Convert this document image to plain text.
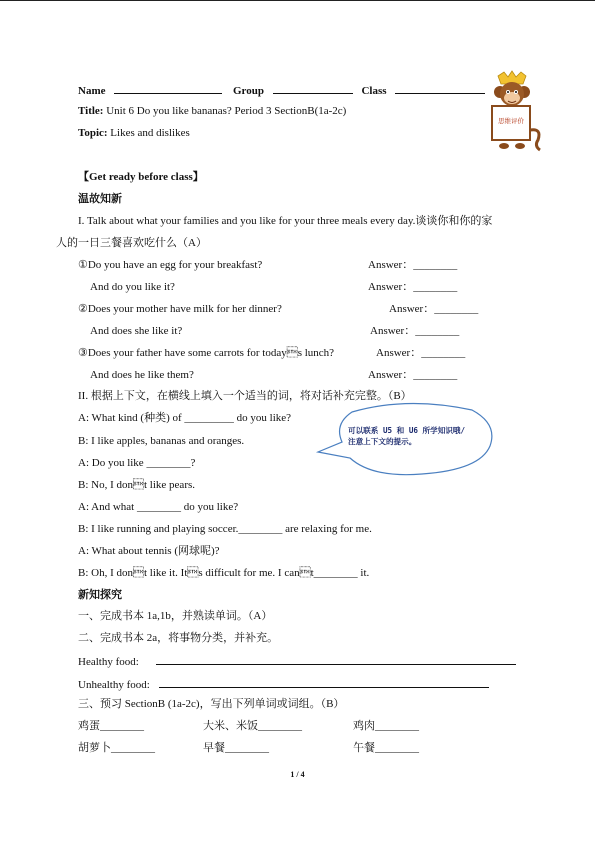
Name	Group	Class
Title: Unit 6 Do you like bananas? Period 3 SectionB(1a-2c)
Topic: Likes and dislikes
思维评价
【Get ready before class】
温故知新
I. Talk about what your families and you like for your three meals every day.谈谈你和你的家
人的一日三餐喜欢吃什么（A）
①Do you have an egg for your breakfast?	Answer：________
And do you like it?	Answer：________
②Does your mother have milk for her dinner?	Answer：________
And does she like it?	Answer：________
③Does your father have some carrots for todays lunch?	Answer：________
And does he like them?	Answer：________
II. 根据上下文，在横线上填入一个适当的词，将对话补充完整。（B）
A: What kind (种类) of _________ do you like?
B: I like apples, bananas and oranges.
A: Do you like ________?
B: No, I dont like pears.
A: And what ________ do you like?
B: I like running and playing soccer.________ are relaxing for me.
A: What about tennis (网球呢)?
B: Oh, I dont like it. Its difficult for me. I cant________ it.
可以联系 U5 和 U6 所学知识哦/ 注意上下文的提示。
新知探究
一、完成书本 1a,1b，并熟读单词。（A）
二、完成书本 2a，将事物分类，并补充。
Healthy food:
Unhealthy food:
三、预习 SectionB (1a-2c)，写出下列单词或词组。（B）
鸡蛋________	大米、米饭________	鸡肉________
胡萝卜________	早餐________	午餐________
1 / 4
